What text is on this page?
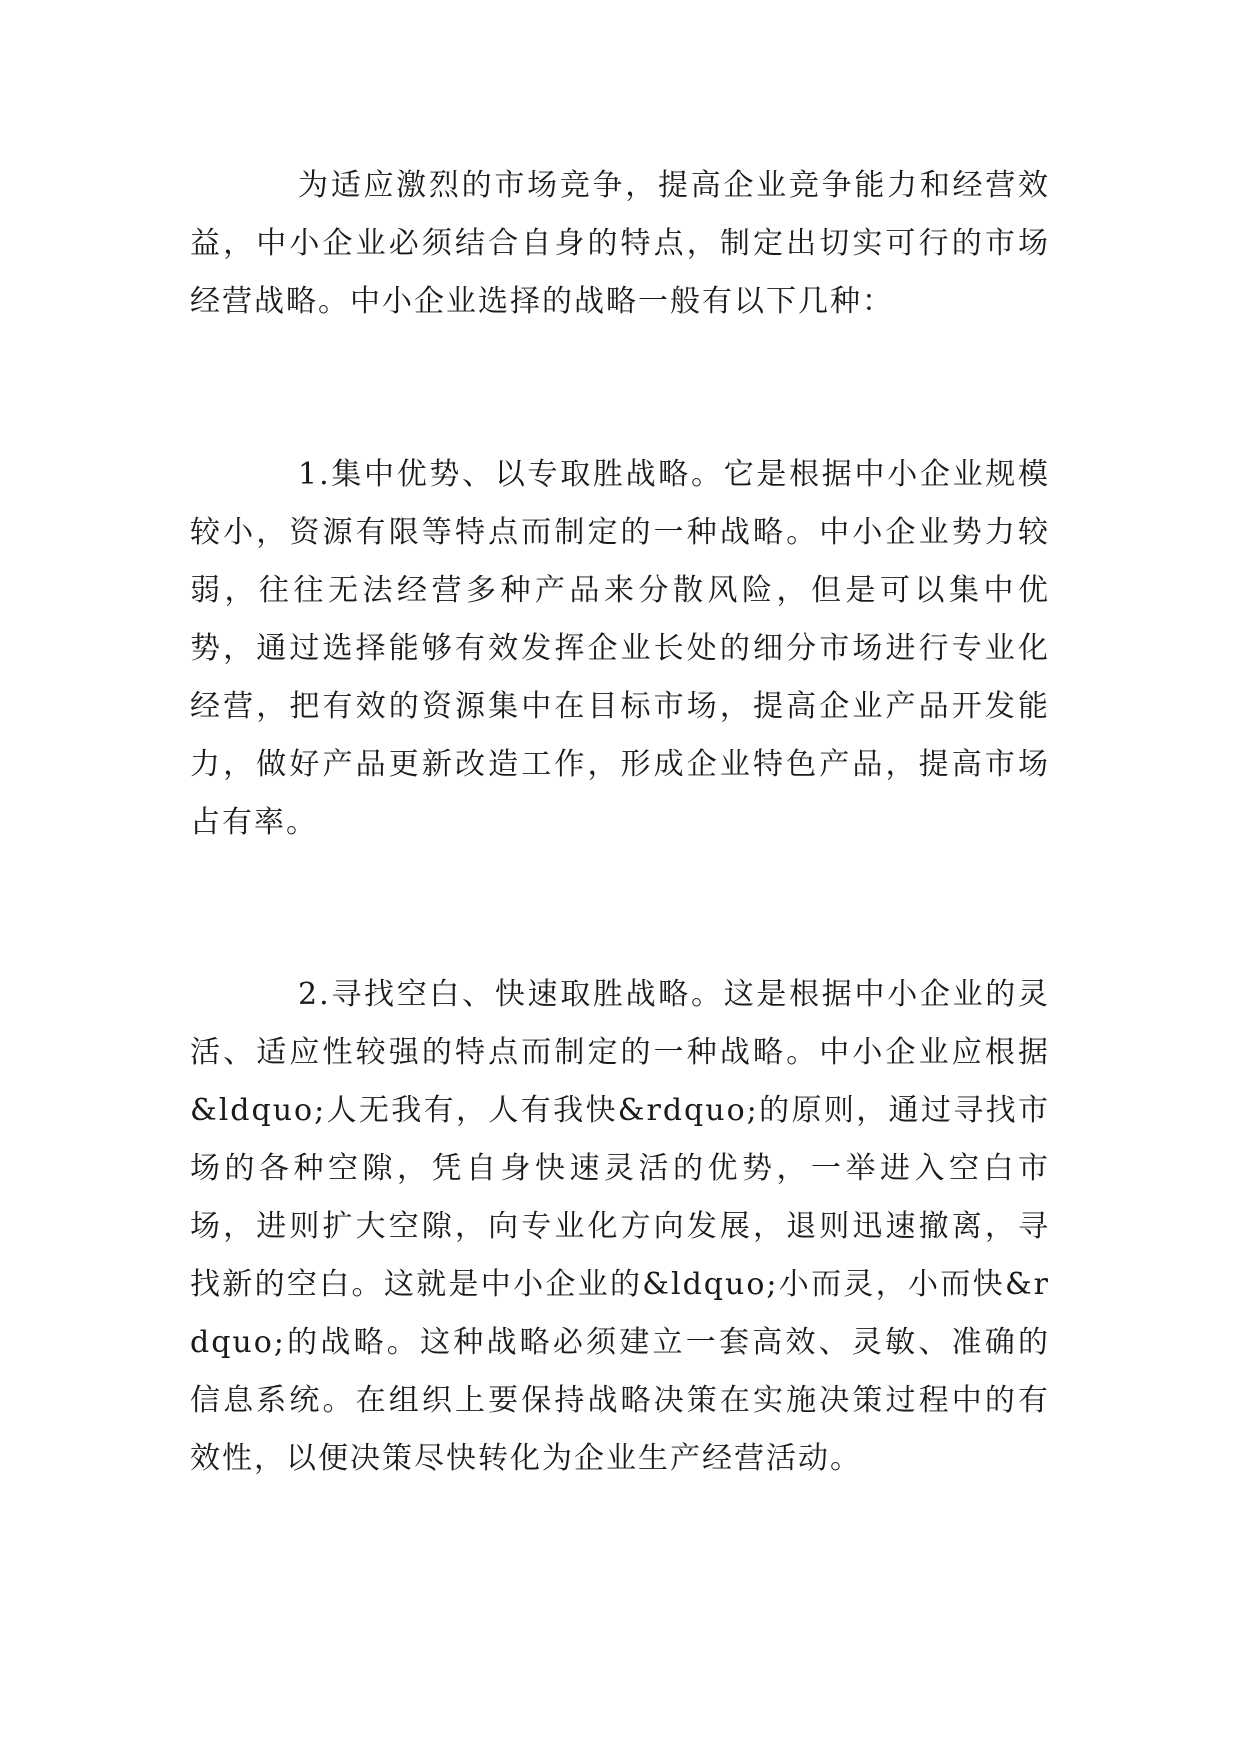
为适应激烈的市场竞争，提高企业竞争能力和经营效益，中小企业必须结合自身的特点，制定出切实可行的市场经营战略。中小企业选择的战略一般有以下几种：

1.集中优势、以专取胜战略。它是根据中小企业规模较小，资源有限等特点而制定的一种战略。中小企业势力较弱，往往无法经营多种产品来分散风险，但是可以集中优势，通过选择能够有效发挥企业长处的细分市场进行专业化经营，把有效的资源集中在目标市场，提高企业产品开发能力，做好产品更新改造工作，形成企业特色产品，提高市场占有率。

2.寻找空白、快速取胜战略。这是根据中小企业的灵活、适应性较强的特点而制定的一种战略。中小企业应根据&ldquo;人无我有，人有我快&rdquo;的原则，通过寻找市场的各种空隙，凭自身快速灵活的优势，一举进入空白市场，进则扩大空隙，向专业化方向发展，退则迅速撤离，寻找新的空白。这就是中小企业的&ldquo;小而灵，小而快&rdquo;的战略。这种战略必须建立一套高效、灵敏、准确的信息系统。在组织上要保持战略决策在实施决策过程中的有效性，以便决策尽快转化为企业生产经营活动。
